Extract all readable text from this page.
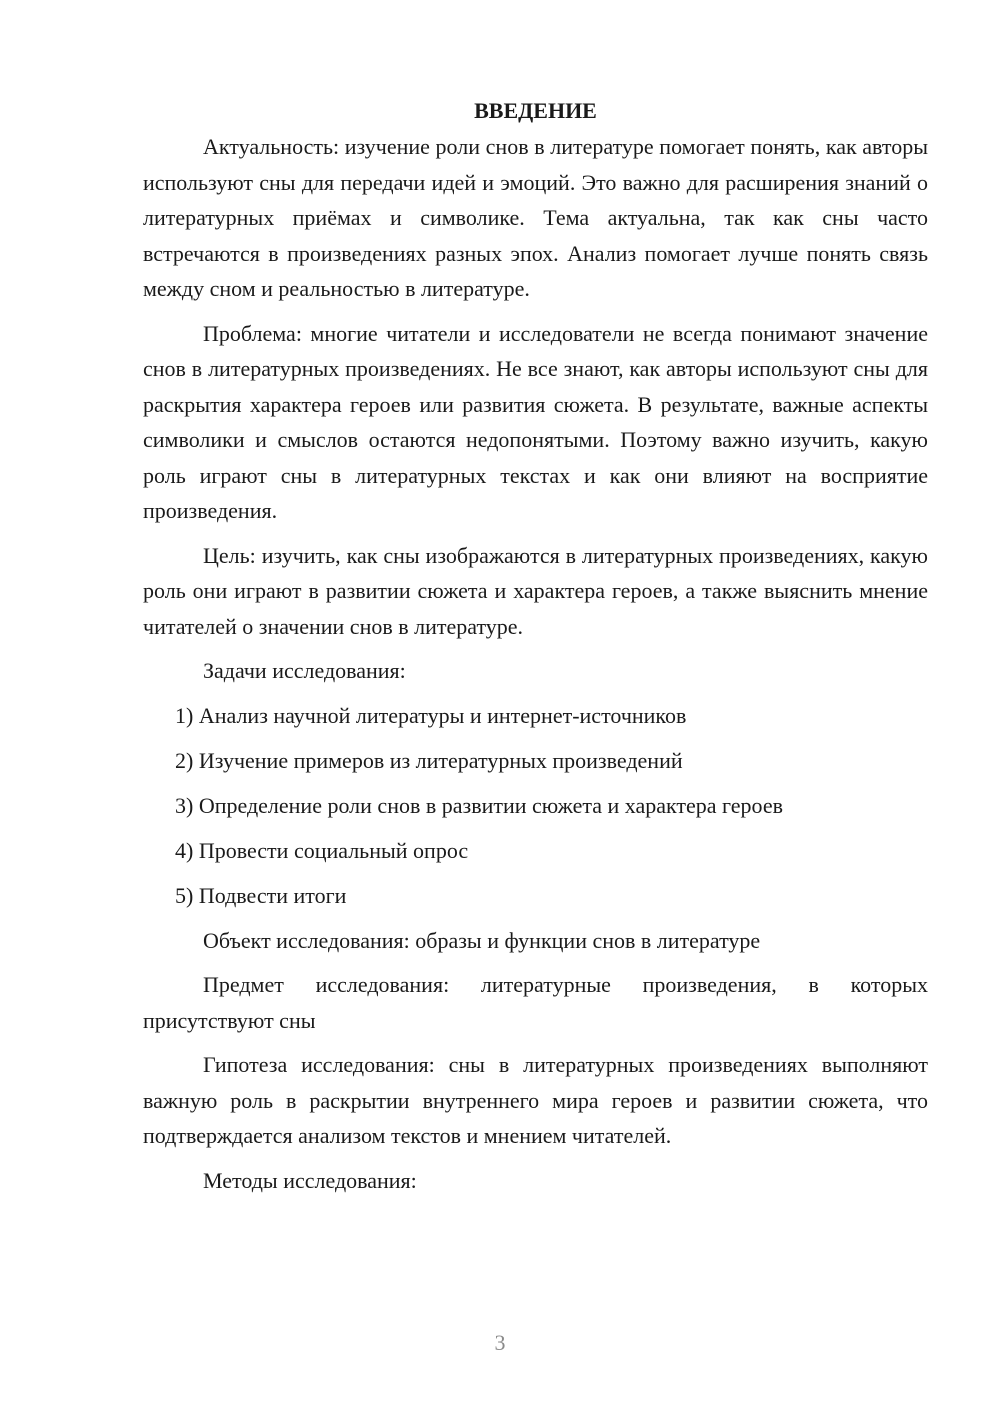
ВВЕДЕНИЕ

Актуальность: изучение роли снов в литературе помогает понять, как авторы используют сны для передачи идей и эмоций. Это важно для расширения знаний о литературных приёмах и символике. Тема актуальна, так как сны часто встречаются в произведениях разных эпох. Анализ помогает лучше понять связь между сном и реальностью в литературе.

Проблема: многие читатели и исследователи не всегда понимают значение снов в литературных произведениях. Не все знают, как авторы используют сны для раскрытия характера героев или развития сюжета. В результате, важные аспекты символики и смыслов остаются недопонятыми. Поэтому важно изучить, какую роль играют сны в литературных текстах и как они влияют на восприятие произведения.

Цель: изучить, как сны изображаются в литературных произведениях, какую роль они играют в развитии сюжета и характера героев, а также выяснить мнение читателей о значении снов в литературе.

Задачи исследования:
1) Анализ научной литературы и интернет-источников
2) Изучение примеров из литературных произведений
3) Определение роли снов в развитии сюжета и характера героев
4) Провести социальный опрос
5) Подвести итоги
Объект исследования: образы и функции снов в литературе

Предмет исследования: литературные произведения, в которых присутствуют сны

Гипотеза исследования: сны в литературных произведениях выполняют важную роль в раскрытии внутреннего мира героев и развитии сюжета, что подтверждается анализом текстов и мнением читателей.

Методы исследования:
3
